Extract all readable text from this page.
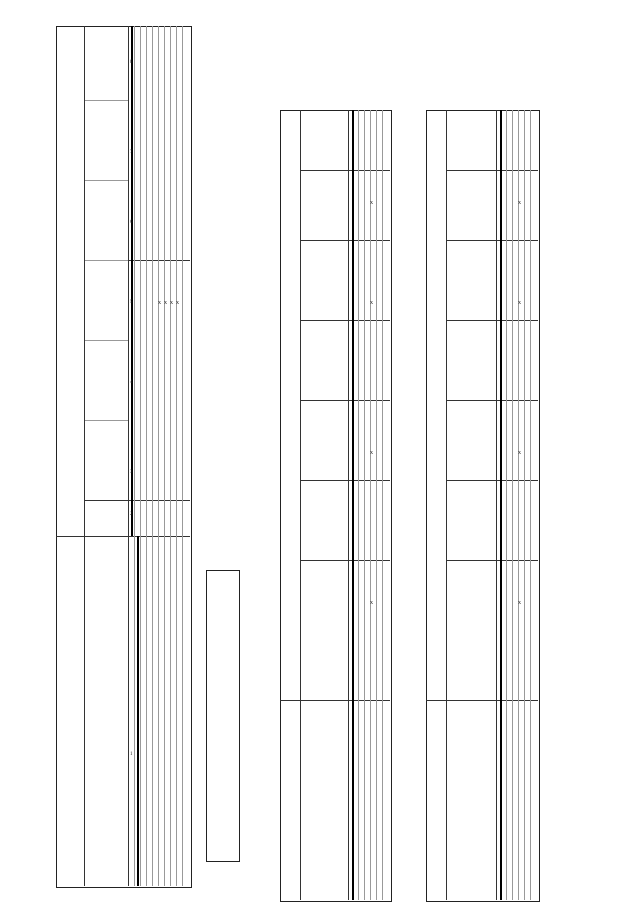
1
2
3
4
5
6
7
8
x x x x
x
x
x
x
x
x
x
x
